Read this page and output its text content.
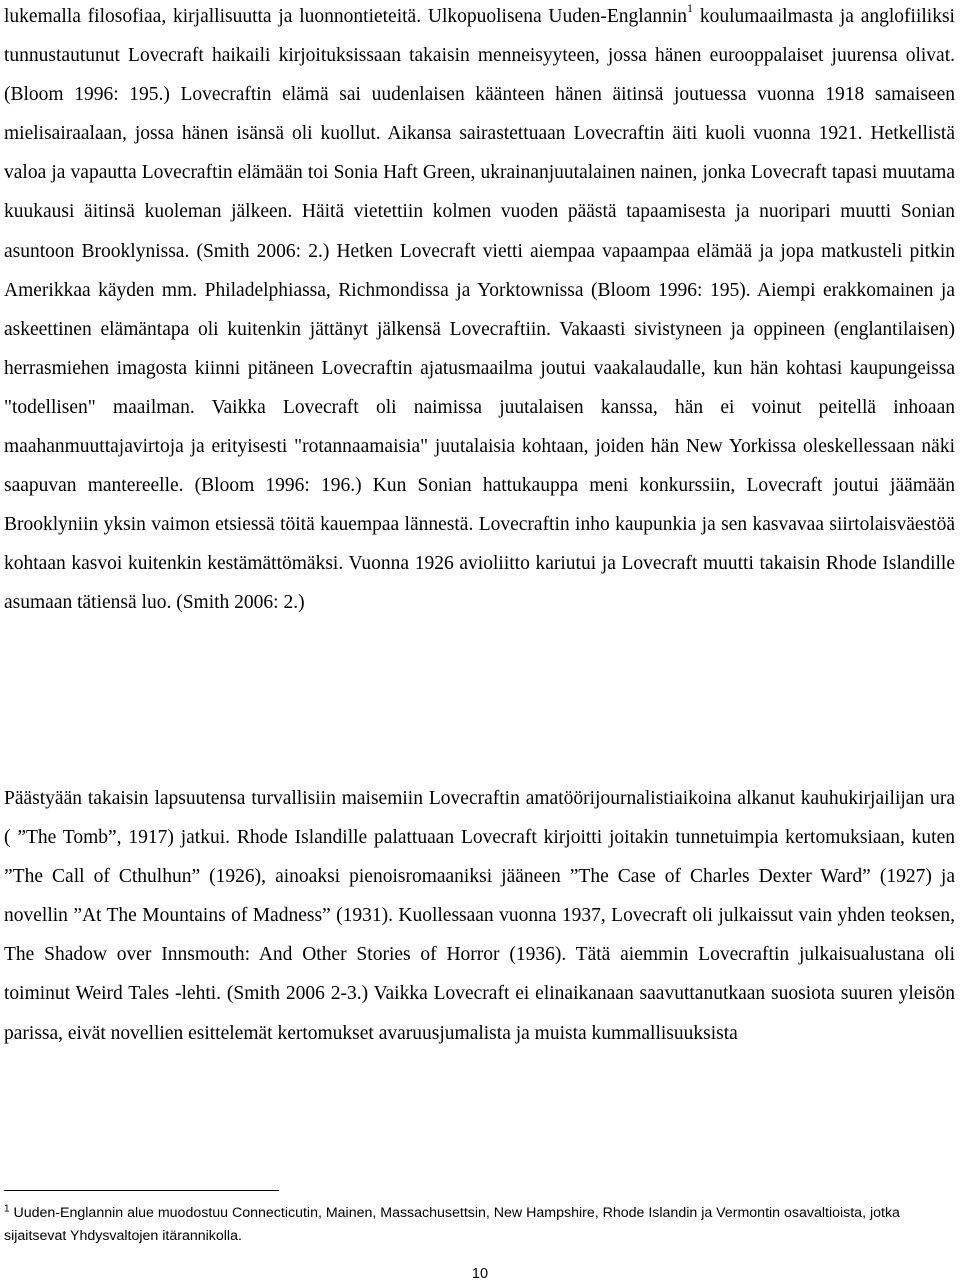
lukemalla filosofiaa, kirjallisuutta ja luonnontieteitä. Ulkopuolisena Uuden-Englannin$^1$ koulumaailmasta ja anglofiiliksi tunnustautunut Lovecraft haikaili kirjoituksissaan takaisin menneisyyteen, jossa hänen eurooppalaiset juurensa olivat. (Bloom 1996: 195.) Lovecraftin elämä sai uudenlaisen käänteen hänen äitinsä joutuessa vuonna 1918 samaiseen mielisairaalaan, jossa hänen isänsä oli kuollut. Aikansa sairastettuaan Lovecraftin äiti kuoli vuonna 1921. Hetkellistä valoa ja vapautta Lovecraftin elämään toi Sonia Haft Green, ukrainanjuutalainen nainen, jonka Lovecraft tapasi muutama kuukausi äitinsä kuoleman jälkeen. Häitä vietettiin kolmen vuoden päästä tapaamisesta ja nuoripari muutti Sonian asuntoon Brooklynissa. (Smith 2006: 2.) Hetken Lovecraft vietti aiempaa vapaampaa elämää ja jopa matkusteli pitkin Amerikkaa käyden mm. Philadelphiassa, Richmondissa ja Yorktownissa (Bloom 1996: 195). Aiempi erakkomainen ja askeettinen elämäntapa oli kuitenkin jättänyt jälkensä Lovecraftiin. Vakaasti sivistyneen ja oppineen (englantilaisen) herrasmiehen imagosta kiinni pitäneen Lovecraftin ajatusmaailma joutui vaakalaudalle, kun hän kohtasi kaupungeissa "todellisen" maailman. Vaikka Lovecraft oli naimissa juutalaisen kanssa, hän ei voinut peitellä inhoaan maahanmuuttajavirtoja ja erityisesti "rotannaamaisia" juutalaisia kohtaan, joiden hän New Yorkissa oleskellessaan näki saapuvan mantereelle. (Bloom 1996: 196.) Kun Sonian hattukauppa meni konkurssiin, Lovecraft joutui jäämään Brooklyniin yksin vaimon etsiessä töitä kauempaa lännestä. Lovecraftin inho kaupunkia ja sen kasvavaa siirtolaisväestöä kohtaan kasvoi kuitenkin kestämättömäksi. Vuonna 1926 avioliitto kariutui ja Lovecraft muutti takaisin Rhode Islandille asumaan tätiensä luo. (Smith 2006: 2.)

Päästyään takaisin lapsuutensa turvallisiin maisemiin Lovecraftin amatöörijournalistiaikoina alkanut kauhukirjailijan ura ( ”The Tomb”, 1917) jatkui. Rhode Islandille palattuaan Lovecraft kirjoitti joitakin tunnetuimpia kertomuksiaan, kuten ”The Call of Cthulhun” (1926), ainoaksi pienoisromaaniksi jääneen ”The Case of Charles Dexter Ward” (1927) ja novellin ”At The Mountains of Madness” (1931). Kuollessaan vuonna 1937, Lovecraft oli julkaissut vain yhden teoksen, The Shadow over Innsmouth: And Other Stories of Horror (1936). Tätä aiemmin Lovecraftin julkaisualustana oli toiminut Weird Tales -lehti. (Smith 2006 2-3.) Vaikka Lovecraft ei elinaikanaan saavuttanutkaan suosiota suuren yleisön parissa, eivät novellien esittelemät kertomukset avaruusjumalista ja muista kummallisuuksista

$^1$ Uuden-Englannin alue muodostuu Connecticutin, Mainen, Massachusettsin, New Hampshire, Rhode Islandin ja Vermontin osavaltioista, jotka sijaitsevat Yhdysvaltojen itärannikolla.

10
